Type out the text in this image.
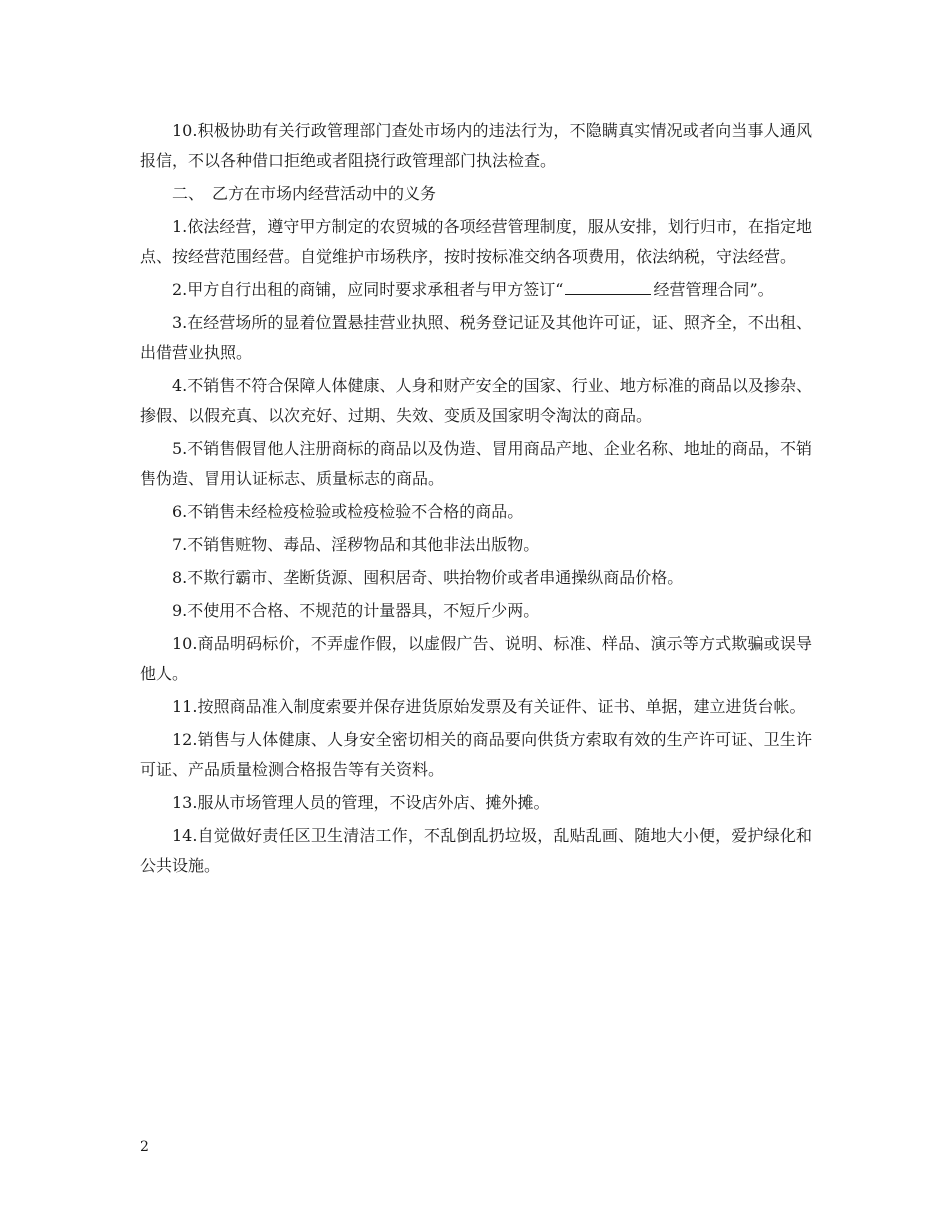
10.积极协助有关行政管理部门查处市场内的违法行为，不隐瞒真实情况或者向当事人通风报信，不以各种借口拒绝或者阻挠行政管理部门执法检查。

二、　乙方在市场内经营活动中的义务

1.依法经营，遵守甲方制定的农贸城的各项经营管理制度，服从安排，划行归市，在指定地点、按经营范围经营。自觉维护市场秩序，按时按标准交纳各项费用，依法纳税，守法经营。

2.甲方自行出租的商铺，应同时要求承租者与甲方签订“	经营管理合同”。

3.在经营场所的显着位置悬挂营业执照、税务登记证及其他许可证，证、照齐全，不出租、出借营业执照。

4.不销售不符合保障人体健康、人身和财产安全的国家、行业、地方标准的商品以及掺杂、掺假、以假充真、以次充好、过期、失效、变质及国家明令淘汰的商品。

5.不销售假冒他人注册商标的商品以及伪造、冒用商品产地、企业名称、地址的商品，不销售伪造、冒用认证标志、质量标志的商品。

6.不销售未经检疫检验或检疫检验不合格的商品。

7.不销售赃物、毒品、淫秽物品和其他非法出版物。

8.不欺行霸市、垄断货源、囤积居奇、哄抬物价或者串通操纵商品价格。

9.不使用不合格、不规范的计量器具，不短斤少两。

10.商品明码标价，不弄虚作假，以虚假广告、说明、标准、样品、演示等方式欺骗或误导他人。

11.按照商品准入制度索要并保存进货原始发票及有关证件、证书、单据，建立进货台帐。

12.销售与人体健康、人身安全密切相关的商品要向供货方索取有效的生产许可证、卫生许可证、产品质量检测合格报告等有关资料。

13.服从市场管理人员的管理，不设店外店、摊外摊。

14.自觉做好责任区卫生清洁工作，不乱倒乱扔垃圾，乱贴乱画、随地大小便，爱护绿化和公共设施。

2
